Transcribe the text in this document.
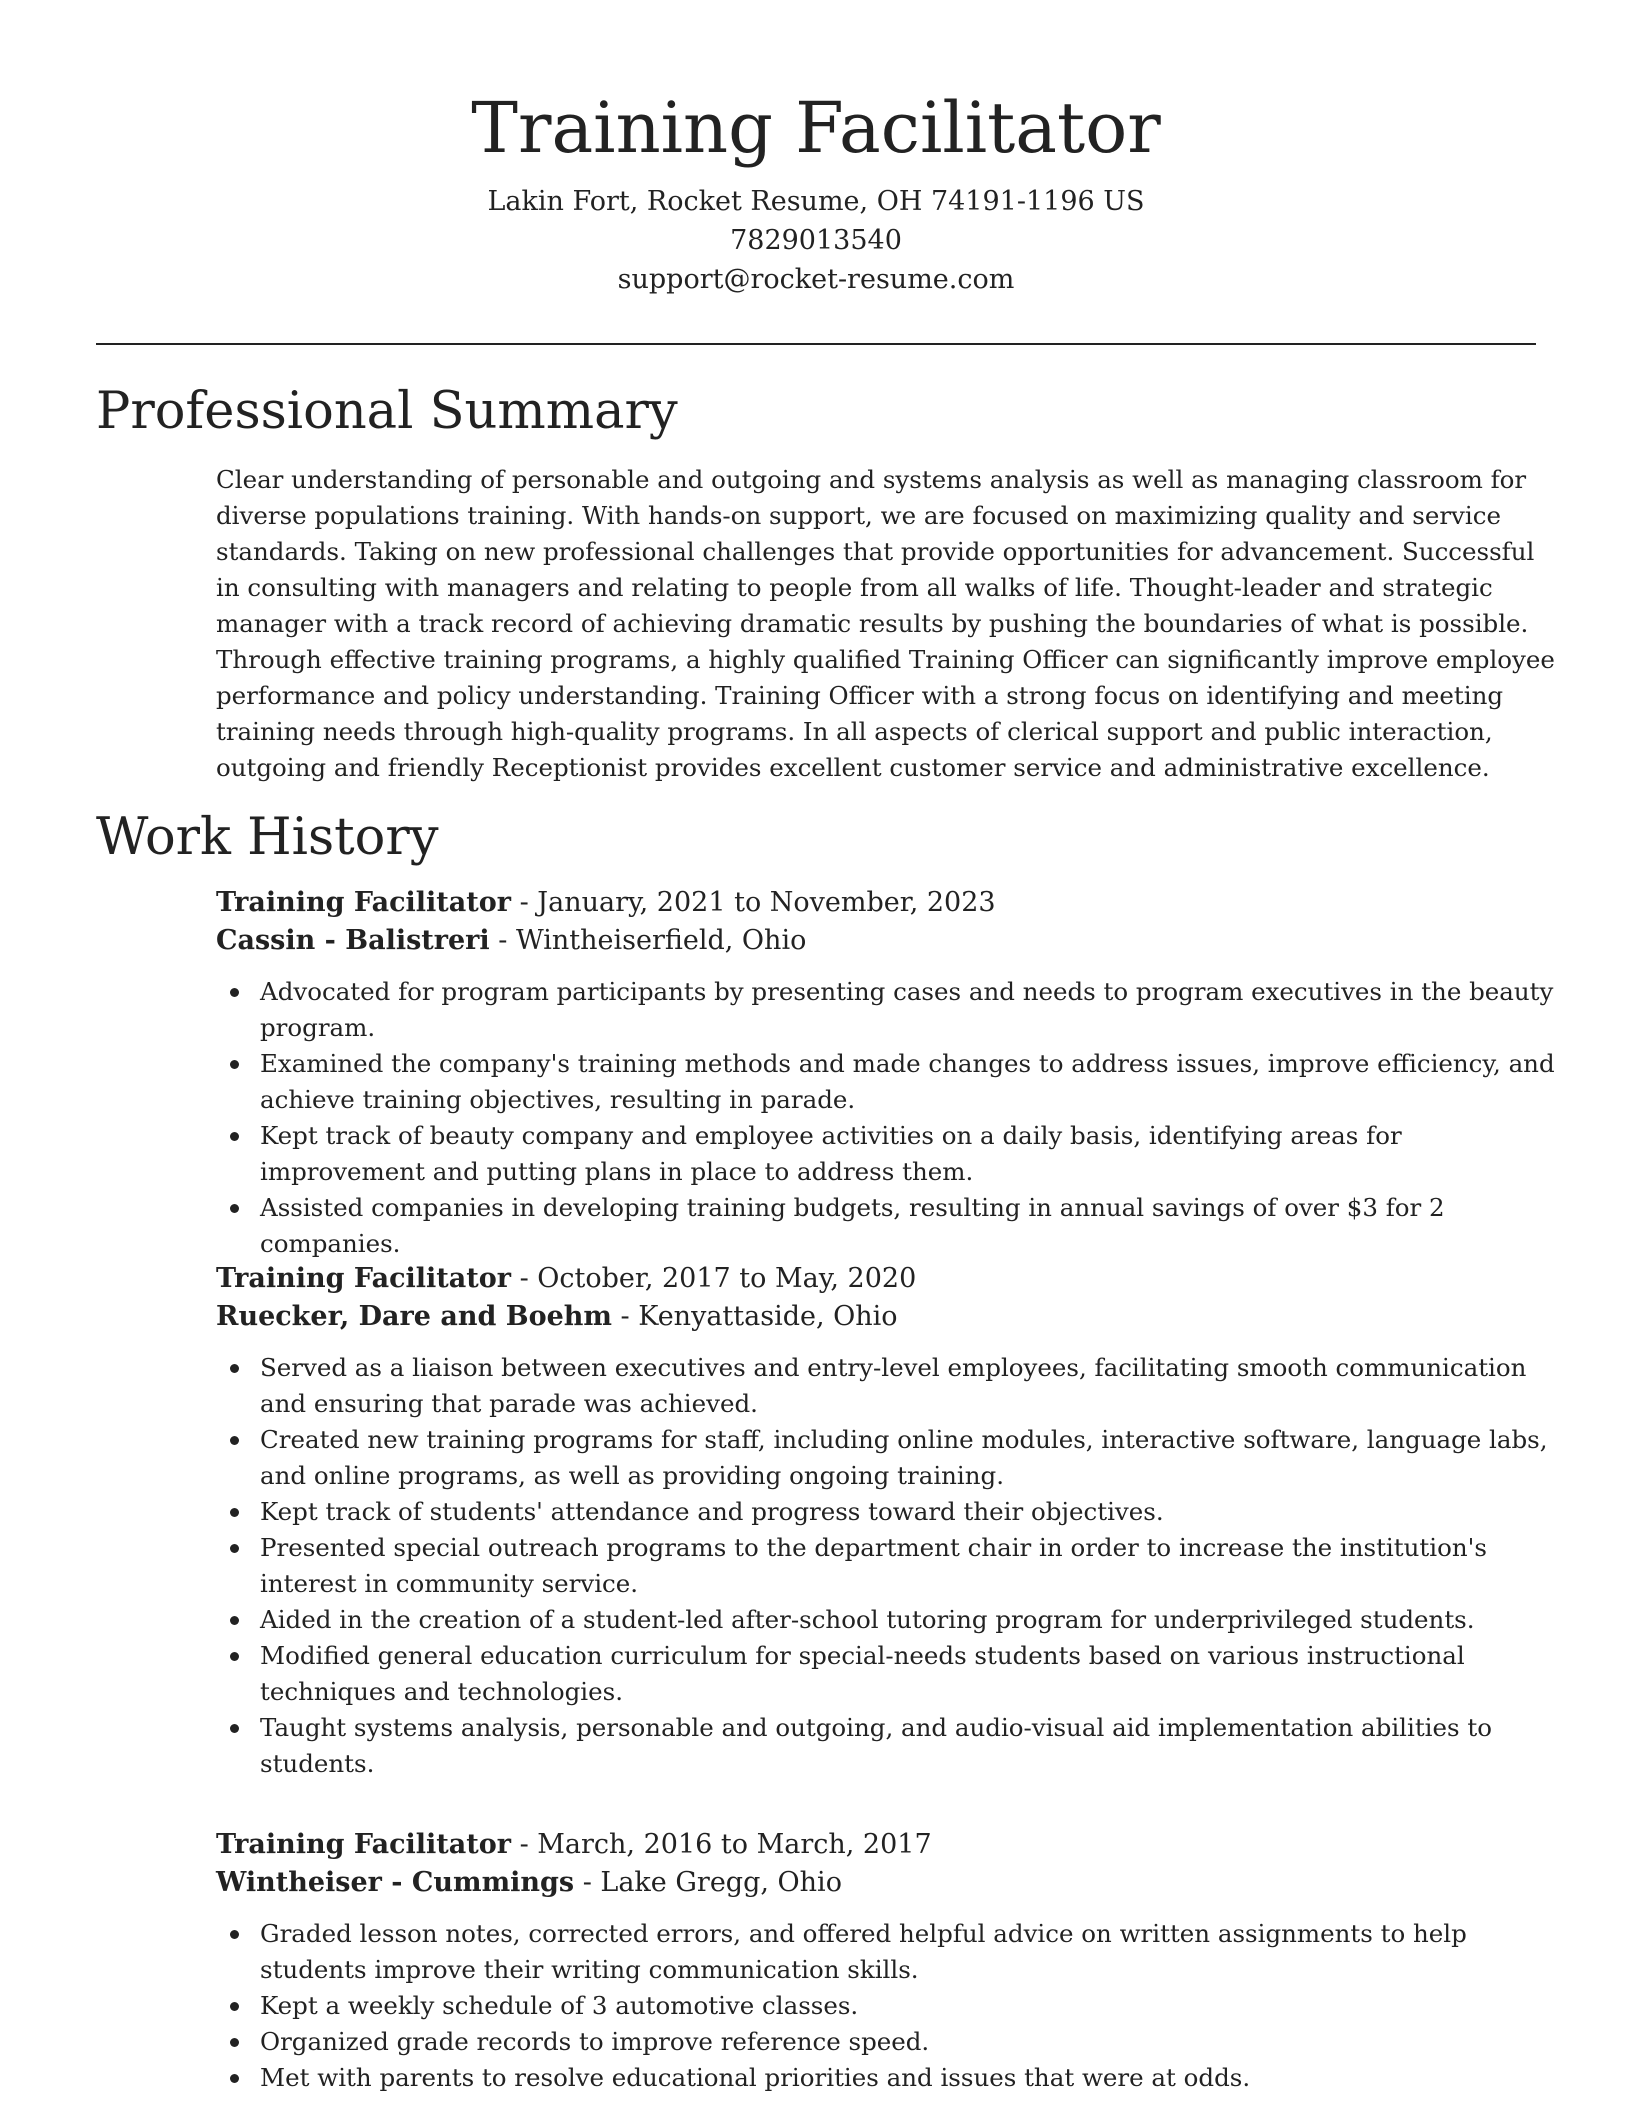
Training Facilitator
Lakin Fort, Rocket Resume, OH 74191-1196 US
7829013540
support@rocket-resume.com
Professional Summary
Clear understanding of personable and outgoing and systems analysis as well as managing classroom for diverse populations training. With hands-on support, we are focused on maximizing quality and service standards. Taking on new professional challenges that provide opportunities for advancement. Successful in consulting with managers and relating to people from all walks of life. Thought-leader and strategic manager with a track record of achieving dramatic results by pushing the boundaries of what is possible. Through effective training programs, a highly qualified Training Officer can significantly improve employee performance and policy understanding. Training Officer with a strong focus on identifying and meeting training needs through high-quality programs. In all aspects of clerical support and public interaction, outgoing and friendly Receptionist provides excellent customer service and administrative excellence.
Work History
Training Facilitator - January, 2021 to November, 2023
Cassin - Balistreri - Wintheiserfield, Ohio
Advocated for program participants by presenting cases and needs to program executives in the beauty program.
Examined the company's training methods and made changes to address issues, improve efficiency, and achieve training objectives, resulting in parade.
Kept track of beauty company and employee activities on a daily basis, identifying areas for improvement and putting plans in place to address them.
Assisted companies in developing training budgets, resulting in annual savings of over $3 for 2 companies.
Training Facilitator - October, 2017 to May, 2020
Ruecker, Dare and Boehm - Kenyattaside, Ohio
Served as a liaison between executives and entry-level employees, facilitating smooth communication and ensuring that parade was achieved.
Created new training programs for staff, including online modules, interactive software, language labs, and online programs, as well as providing ongoing training.
Kept track of students' attendance and progress toward their objectives.
Presented special outreach programs to the department chair in order to increase the institution's interest in community service.
Aided in the creation of a student-led after-school tutoring program for underprivileged students.
Modified general education curriculum for special-needs students based on various instructional techniques and technologies.
Taught systems analysis, personable and outgoing, and audio-visual aid implementation abilities to students.
Training Facilitator - March, 2016 to March, 2017
Wintheiser - Cummings - Lake Gregg, Ohio
Graded lesson notes, corrected errors, and offered helpful advice on written assignments to help students improve their writing communication skills.
Kept a weekly schedule of 3 automotive classes.
Organized grade records to improve reference speed.
Met with parents to resolve educational priorities and issues that were at odds.
